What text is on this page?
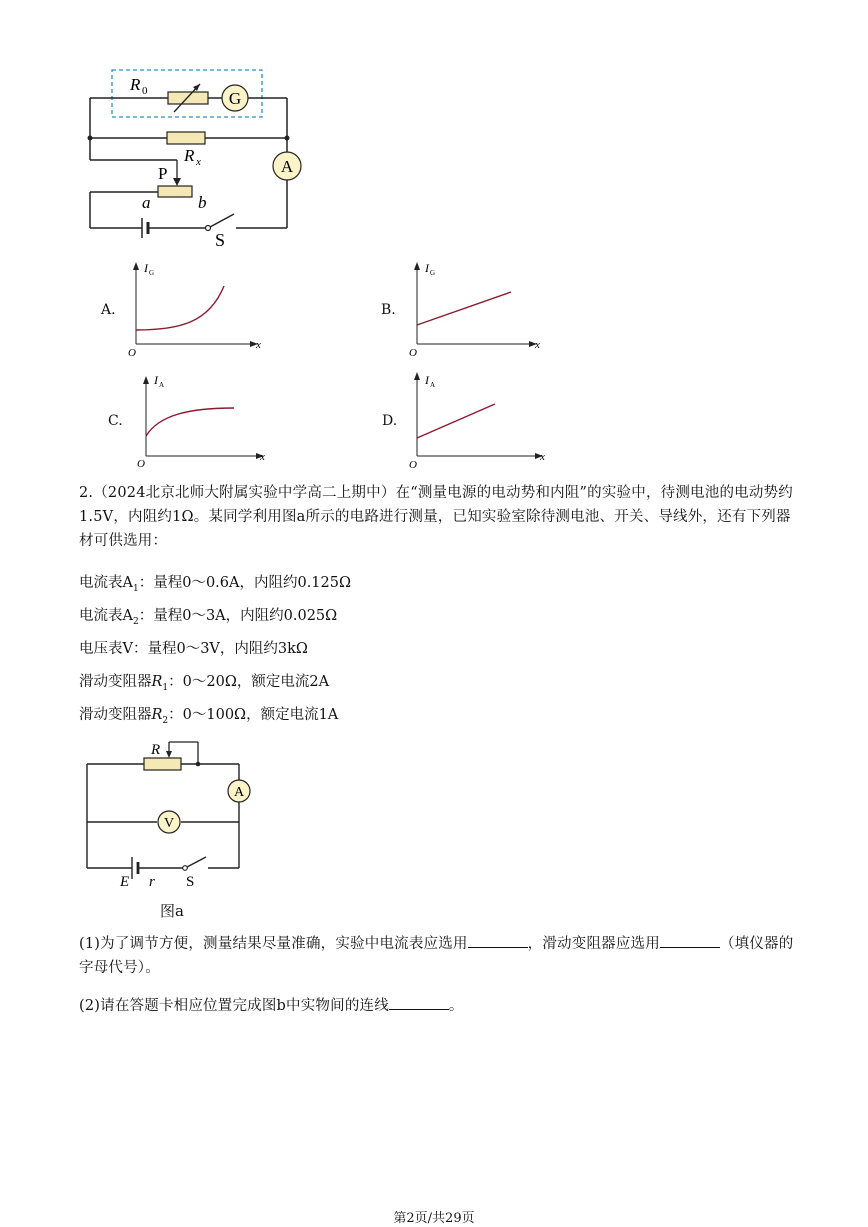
R 0	G
R x	A
P
a	b
S
A.
I G
x
O
B.
I G
x
O
C.
I A
x
O
D.
I A
x
O
2.（2024北京北师大附属实验中学高二上期中）在“测量电源的电动势和内阻”的实验中，待测电池的电动势约1.5V，内阻约1Ω。某同学利用图a所示的电路进行测量，已知实验室除待测电池、开关、导线外，还有下列器材可供选用：
电流表$A_1$：量程0～0.6A，内阻约0.125Ω
电流表$A_2$：量程0～3A，内阻约0.025Ω
电压表V：量程0～3V，内阻约3kΩ
滑动变阻器$R_1$：0～20Ω，额定电流2A
滑动变阻器$R_2$：0～100Ω，额定电流1A
R
A
V
E r S
图a
(1)为了调节方便，测量结果尽量准确，实验中电流表应选用	，滑动变阻器应选用	（填仪器的字母代号）。
(2)请在答题卡相应位置完成图b中实物间的连线	。
第2页/共29页
